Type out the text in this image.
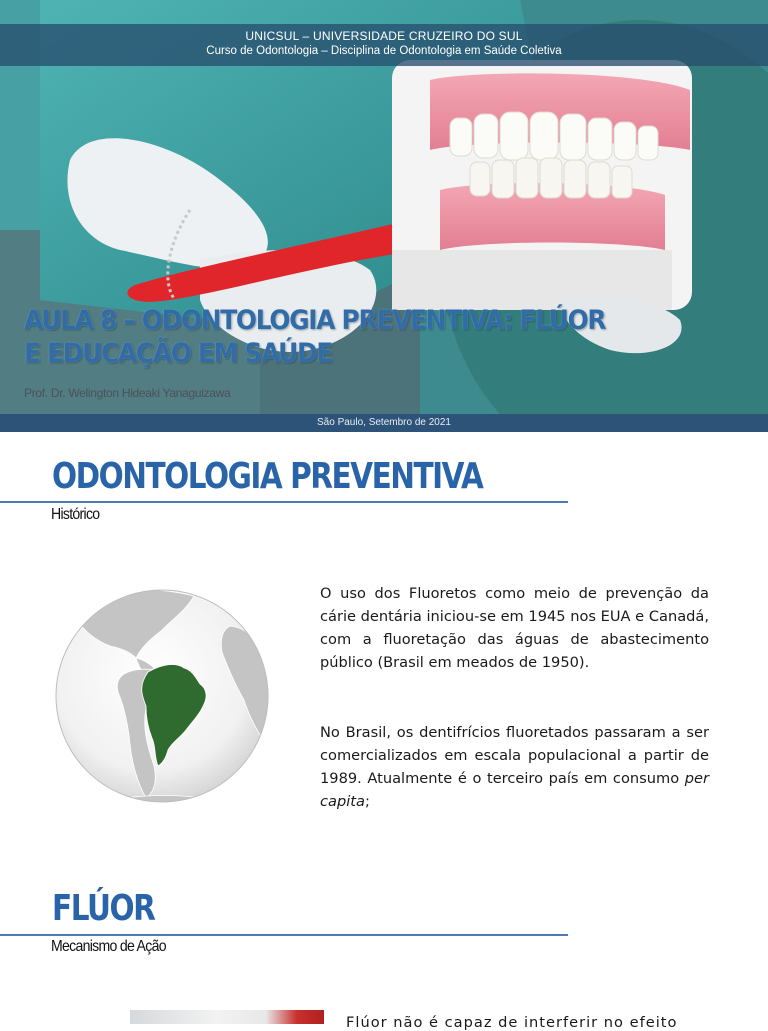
UNICSUL – UNIVERSIDADE CRUZEIRO DO SUL
Curso de Odontologia – Disciplina de Odontologia em Saúde Coletiva
AULA 8 – ODONTOLOGIA PREVENTIVA: FLÚOR
E EDUCAÇÃO EM SAÚDE
Prof. Dr. Welington Hideaki Yanaguizawa
São Paulo, Setembro de 2021
ODONTOLOGIA PREVENTIVA
Histórico
O uso dos Fluoretos como meio de prevenção da cárie dentária iniciou-se em 1945 nos EUA e Canadá, com a fluoretação das águas de abastecimento público (Brasil em meados de 1950).
No Brasil, os dentifrícios fluoretados passaram a ser comercializados em escala populacional a partir de 1989. Atualmente é o terceiro país em consumo per capita;
FLÚOR
Mecanismo de Ação
Flúor não é capaz de interferir no efeito
